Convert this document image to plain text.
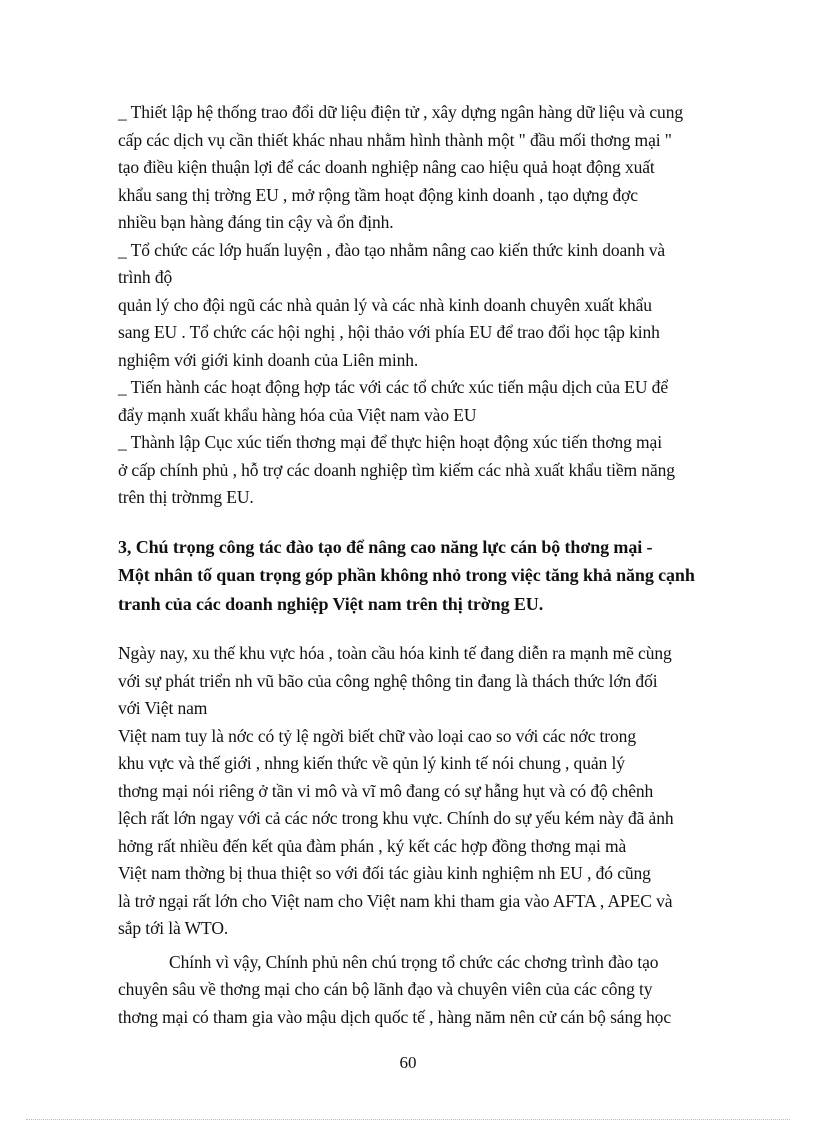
_ Thiết lập hệ thống trao đổi dữ liệu điện tử , xây dựng ngân hàng dữ liệu và cung
cấp các dịch vụ cần thiết khác nhau nhằm hình thành một " đầu mối thơng mại "
tạo điều kiện thuận lợi để các doanh nghiệp nâng cao hiệu quả hoạt động xuất
khẩu sang thị trờng EU , mở rộng tầm hoạt động kinh doanh , tạo dựng đợc
nhiều bạn hàng đáng tin cậy và ổn định.
_ Tổ chức các lớp huấn luyện , đào tạo nhằm nâng cao kiến thức kinh doanh và
trình độ
quản lý cho đội ngũ các nhà quản lý và các nhà kinh doanh chuyên xuất khẩu
sang EU . Tổ chức các hội nghị , hội thảo với phía EU để trao đổi học tập kinh
nghiệm với giới kinh doanh của Liên minh.
_ Tiến hành các hoạt động hợp tác với các tổ chức xúc tiến mậu dịch của EU để
đẩy mạnh xuất khẩu hàng hóa của Việt nam vào EU
_ Thành lập Cục xúc tiến thơng mại để thực hiện hoạt động xúc tiến thơng mại
ở cấp chính phủ , hỗ trợ các doanh nghiệp tìm kiếm các nhà xuất khẩu tiềm năng
trên thị trờnmg EU.
3, Chú trọng công tác đào tạo để nâng cao năng lực cán bộ thơng mại -
Một nhân tố quan trọng góp phần không nhỏ trong việc tăng khả năng cạnh
tranh của các doanh nghiệp Việt nam trên thị trờng EU.
Ngày nay, xu thế khu vực hóa , toàn cầu hóa kinh tế đang diễn ra mạnh mẽ cùng
với sự phát triển nh vũ bão của công nghệ thông tin đang là thách thức lớn đối
với Việt nam
Việt nam tuy là nớc có tỷ lệ ngời biết chữ vào loại cao so với các nớc trong
khu vực và thế giới , nhng kiến thức về qủn lý kinh tế nói chung , quản lý
thơng mại nói riêng ở tần vi mô và vĩ mô đang có sự hẫng hụt và có độ chênh
lệch rất lớn ngay với cả các nớc trong khu vực. Chính do sự yếu kém này đã ảnh
hởng rất nhiều đến kết qủa đàm phán , ký kết các hợp đồng thơng mại mà
Việt nam thờng bị thua thiệt so với đối tác giàu kinh nghiệm nh EU , đó cũng
là trở ngại rất lớn cho Việt nam cho Việt nam khi tham gia vào AFTA , APEC và
sắp tới là WTO.
Chính vì vậy, Chính phủ nên chú trọng tổ chức các chơng trình đào tạo
chuyên sâu về thơng mại cho cán bộ lãnh đạo và chuyên viên của các công ty
thơng mại có tham gia vào mậu dịch quốc tế , hàng năm nên cử cán bộ sáng học
60
